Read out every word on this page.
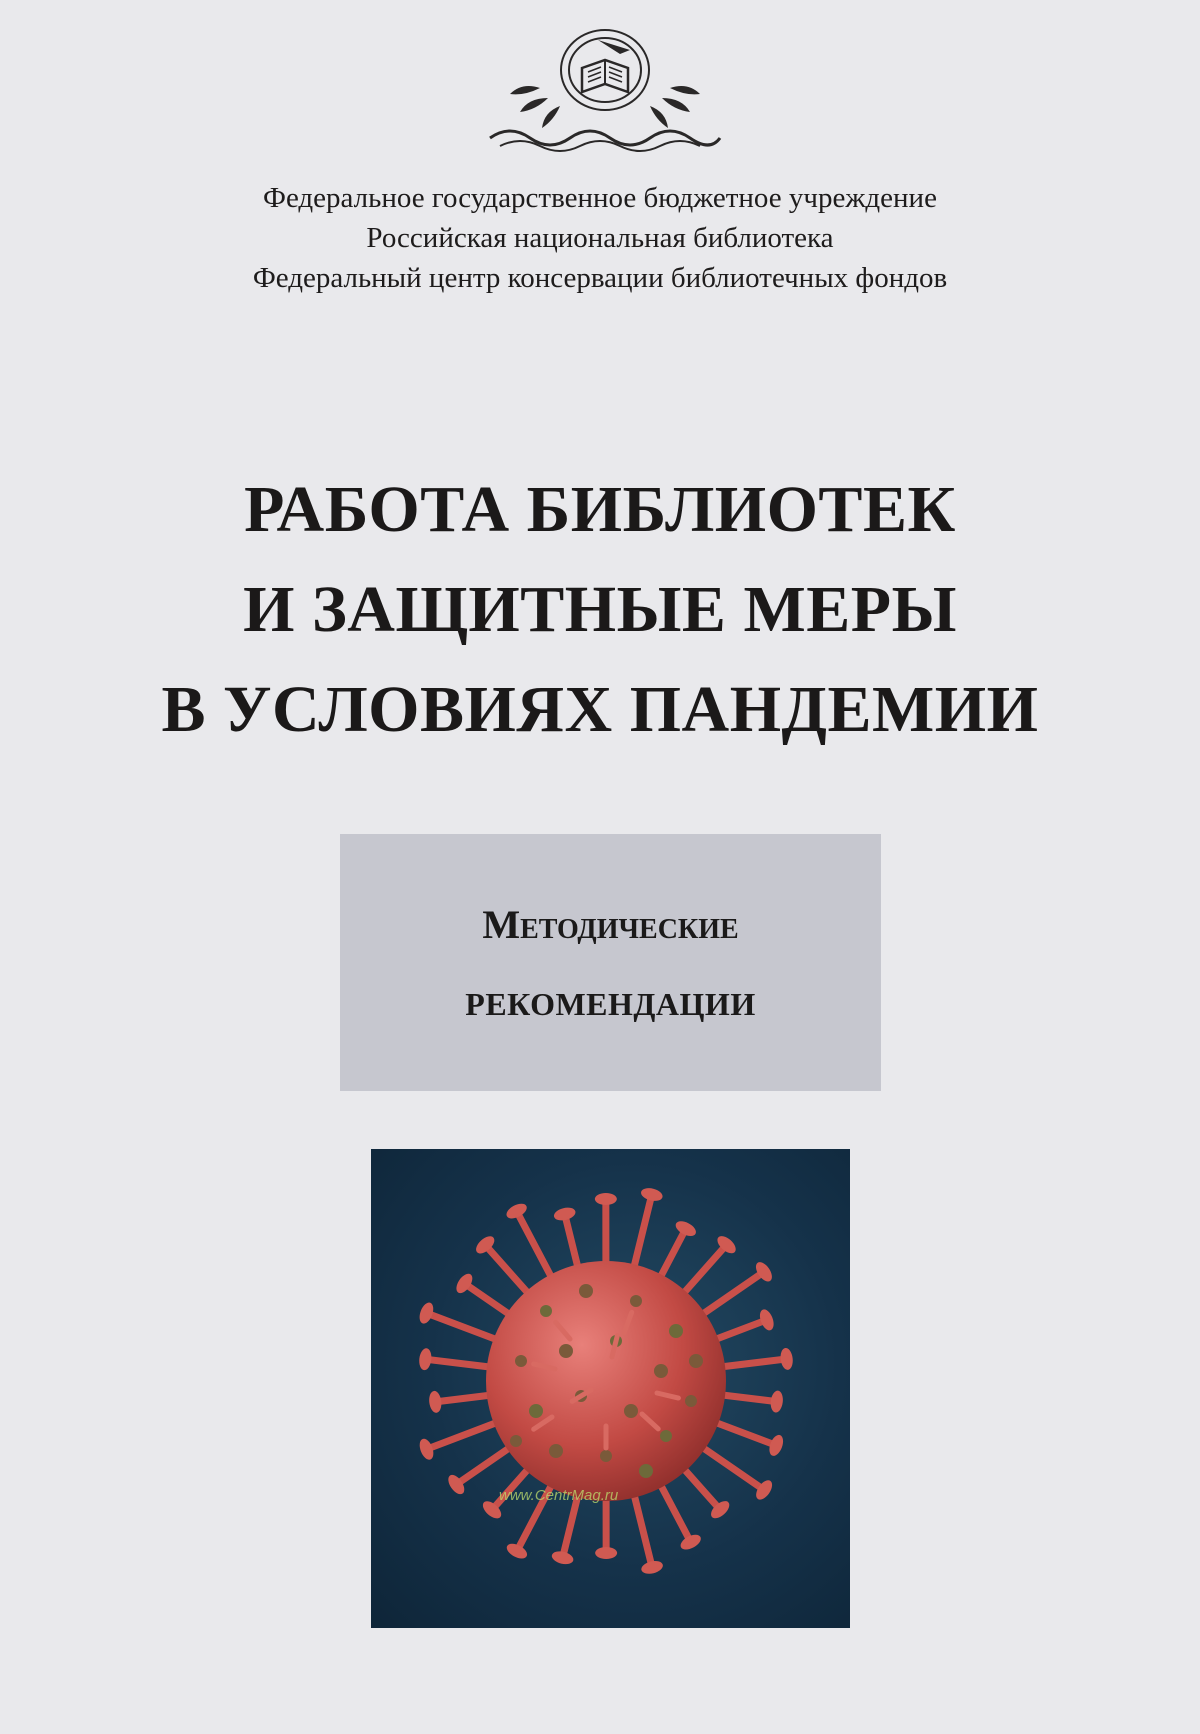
Федеральное государственное бюджетное учреждение
Российская национальная библиотека
Федеральный центр консервации библиотечных фондов
РАБОТА БИБЛИОТЕК
И ЗАЩИТНЫЕ МЕРЫ
В УСЛОВИЯХ ПАНДЕМИИ
Методические
РЕКОМЕНДАЦИИ
www.CentrMag.ru
